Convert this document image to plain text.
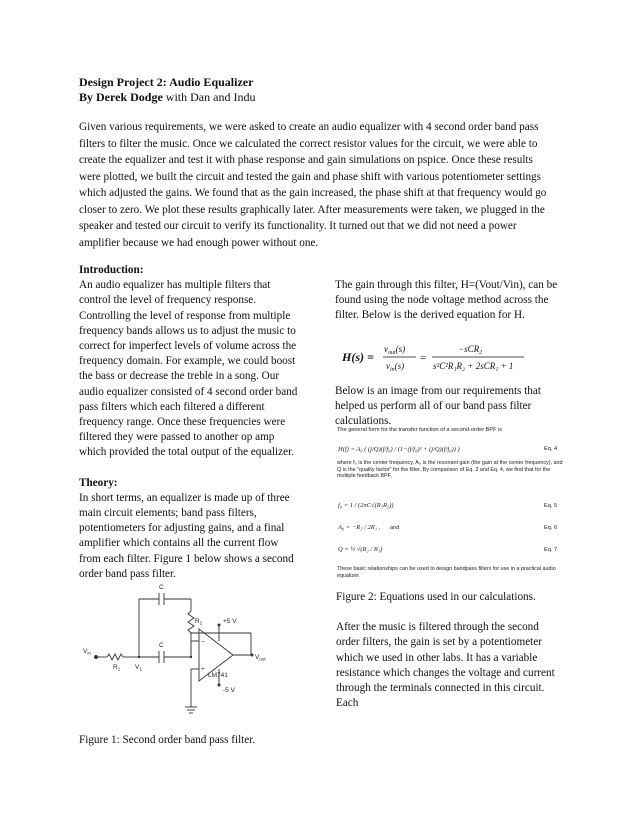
Design Project 2: Audio Equalizer
By Derek Dodge with Dan and Indu

Given various requirements, we were asked to create an audio equalizer with 4 second order band pass filters to filter the music. Once we calculated the correct resistor values for the circuit, we were able to create the equalizer and test it with phase response and gain simulations on pspice. Once these results were plotted, we built the circuit and tested the gain and phase shift with various potentiometer settings which adjusted the gains. We found that as the gain increased, the phase shift at that frequency would go closer to zero. We plot these results graphically later. After measurements were taken, we plugged in the speaker and tested our circuit to verify its functionality. It turned out that we did not need a power amplifier because we had enough power without one.

Introduction:

An audio equalizer has multiple filters that control the level of frequency response. Controlling the level of response from multiple frequency bands allows us to adjust the music to correct for imperfect levels of volume across the frequency domain. For example, we could boost the bass or decrease the treble in a song. Our audio equalizer consisted of 4 second order band pass filters which each filtered a different frequency range. Once these frequencies were filtered they were passed to another op amp which provided the total output of the equalizer.

Theory:

In short terms, an equalizer is made up of three main circuit elements; band pass filters, potentiometers for adjusting gains, and a final amplifier which contains all the current flow from each filter. Figure 1 below shows a second order band pass filter.

C
C
$R_2$
$R_1$ $V_1$
$V_{in}$
$V_{out}$
+5 V
-5 V
LM741
−
+
Figure 1: Second order band pass filter.

The gain through this filter, H=(Vout/Vin), can be found using the node voltage method across the filter. Below is the derived equation for H.

H(s) =
$v_{out}(s)$
$v_{in}(s)$
=
−sCR$_2$
s²C²R₁R₂ + 2sCR₁ + 1

Below is an image from our requirements that helped us perform all of our band pass filter calculations.

The general form for the transfer function of a second-order BPF is
H(f) = A₀ ( (j/Q)(f/f₀) / (1−(f/f₀)² + (j/Q)(f/f₀)) )	Eq. 4
where f₀ is the center frequency, A₀ is the resonant gain (the gain at the center frequency), and Q is the "quality factor" for the filter. By comparison of Eq. 3 and Eq. 4, we find that for the multiple feedback BPF,
f₀ = 1 / (2πC√(R₁R₂))	Eq. 5
A₀ = −R₂ / 2R₁ , and	Eq. 6
Q = ½ √(R₂ / R₁)	Eq. 7
These basic relationships can be used to design bandpass filters for use in a practical audio equalizer.

Figure 2: Equations used in our calculations.

After the music is filtered through the second order filters, the gain is set by a potentiometer which we used in other labs. It has a variable resistance which changes the voltage and current through the terminals connected in this circuit. Each
